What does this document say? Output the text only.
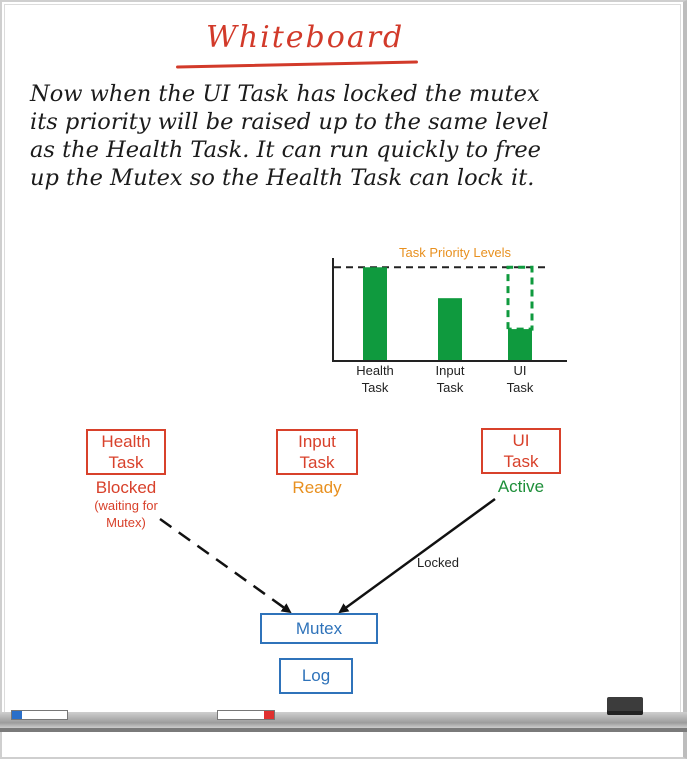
Whiteboard
Now when the UI Task has locked the mutex
its priority will be raised up to the same level
as the Health Task. It can run quickly to free
up the Mutex so the Health Task can lock it.
Task Priority Levels
Health
Task
Input
Task
UI
Task
Locked
Health
Task
Blocked
(waiting for
Mutex)
Input
Task
Ready
UI
Task
Active
Mutex
Log
